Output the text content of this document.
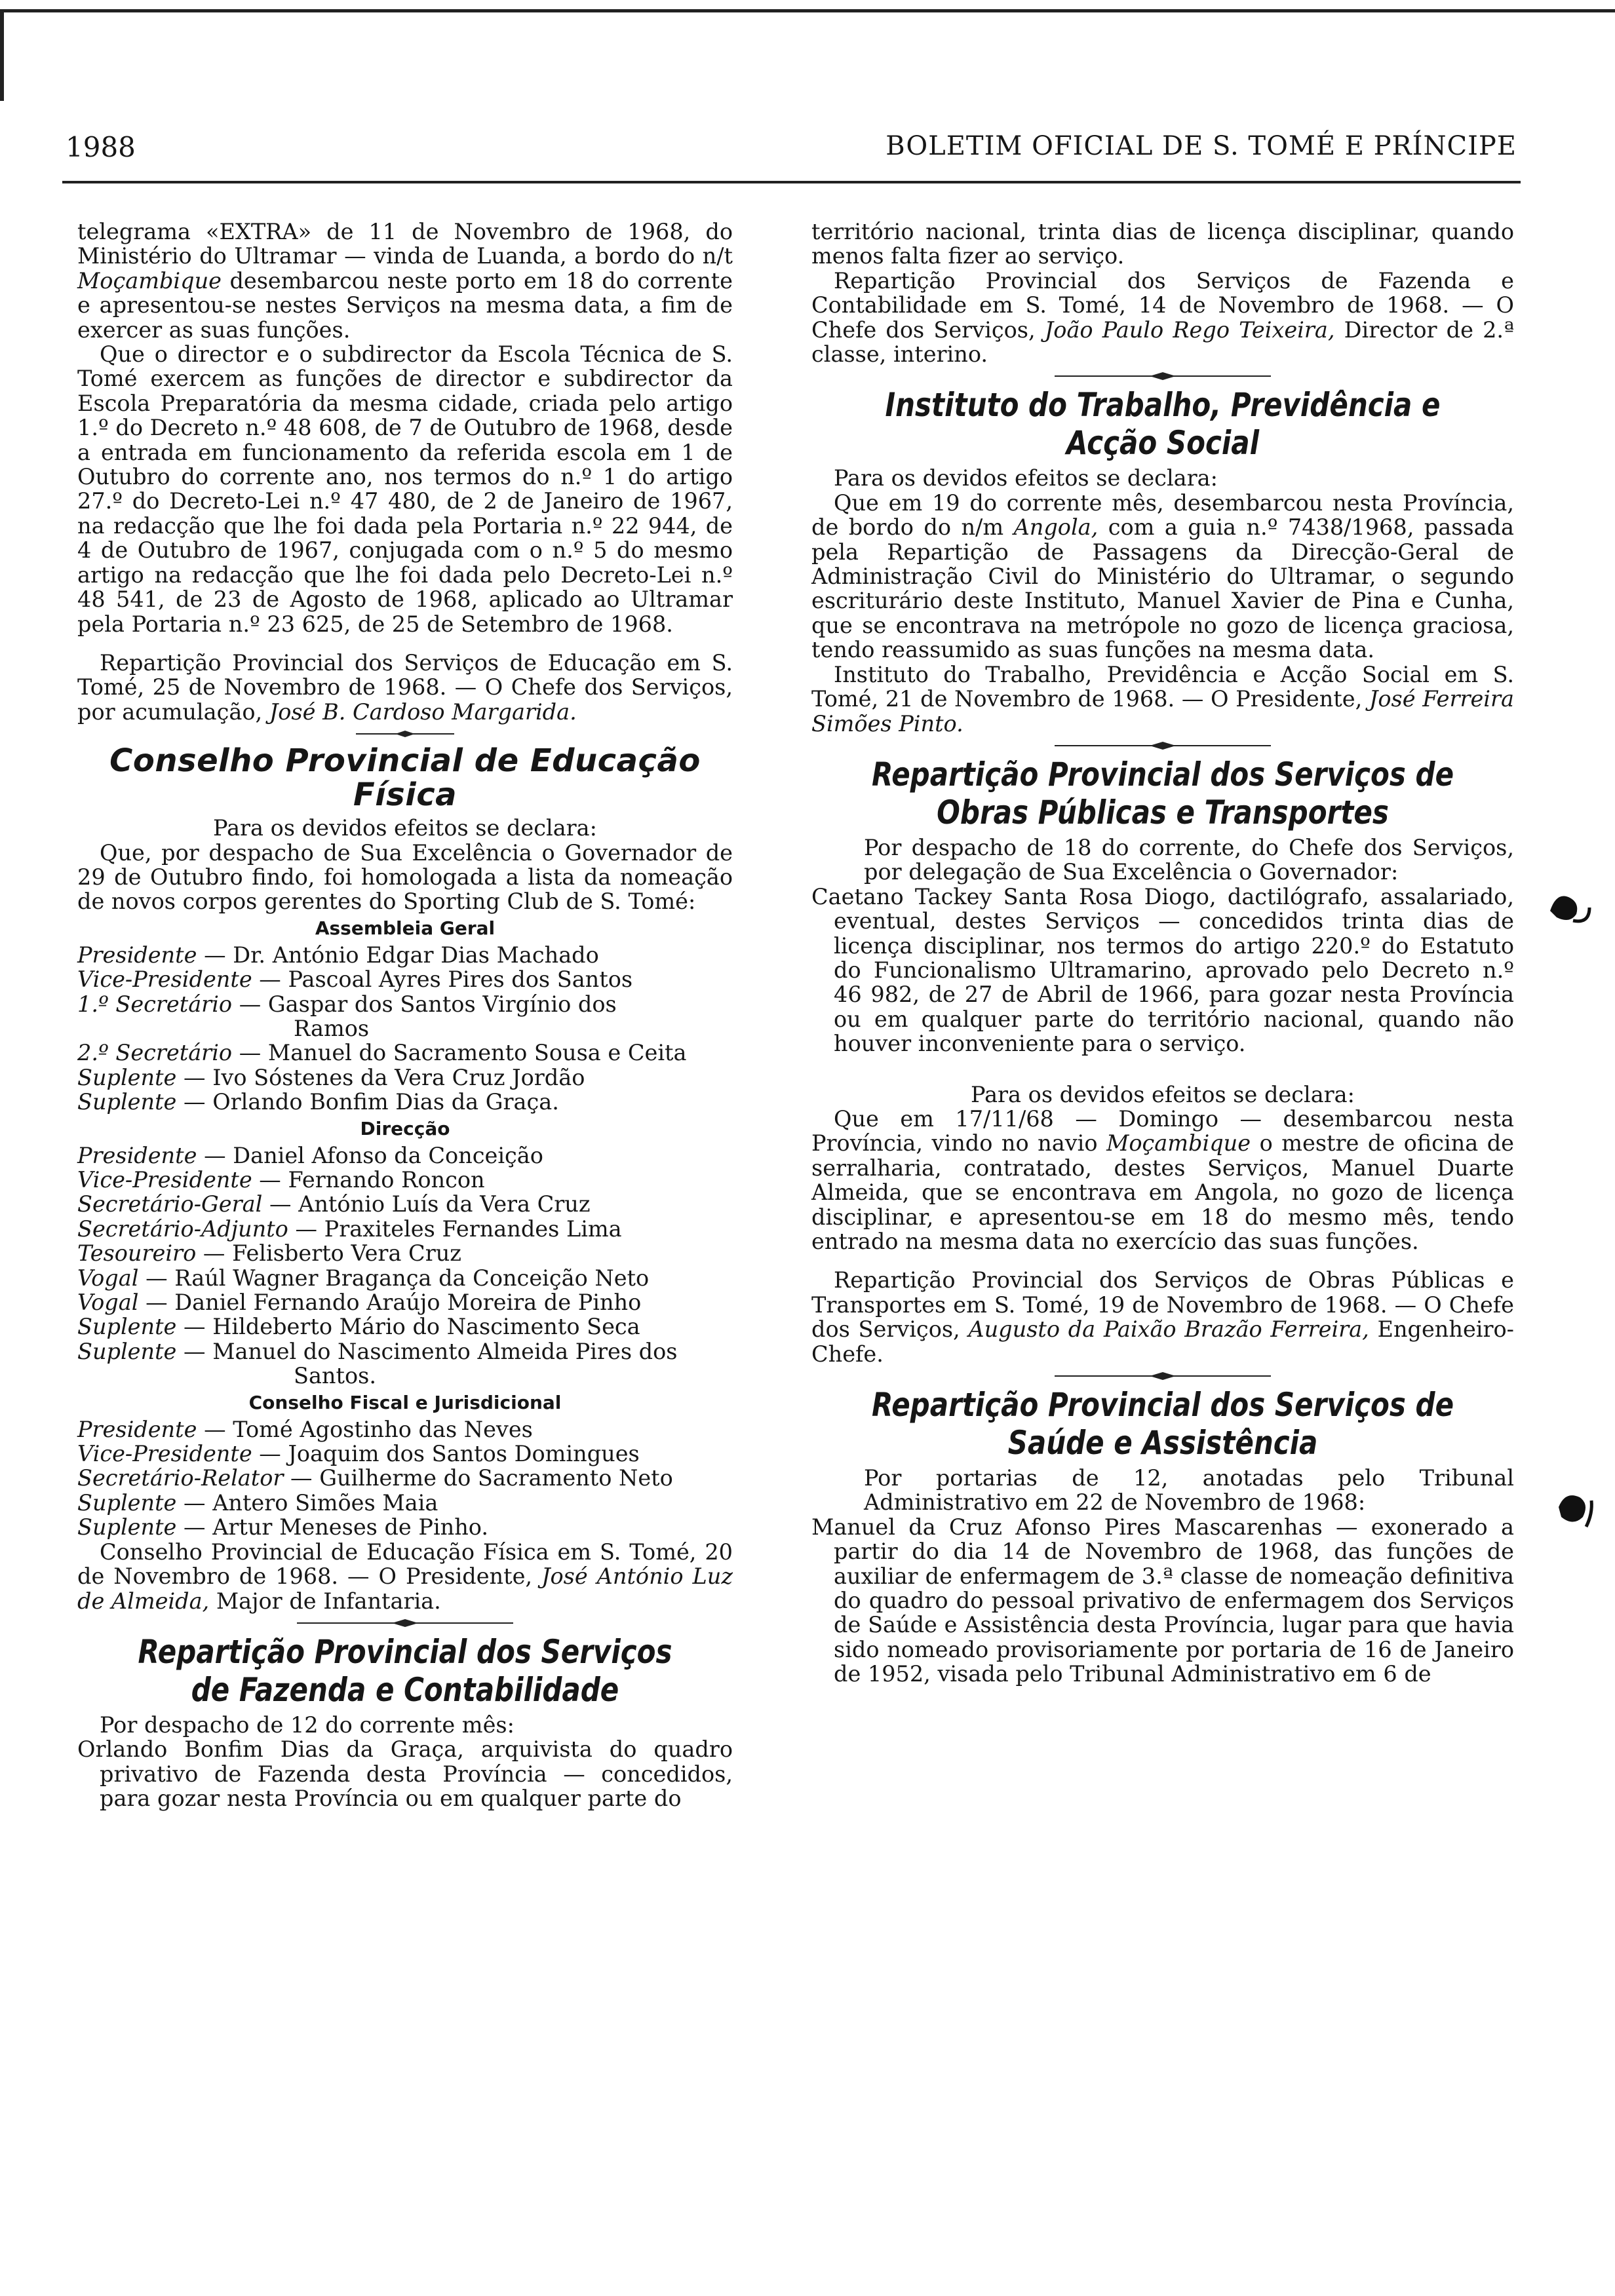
1988	BOLETIM OFICIAL DE S. TOMÉ E PRÍNCIPE

telegrama «EXTRA» de 11 de Novembro de 1968, do Ministério do Ultramar — vinda de Luanda, a bordo do n/t Moçambique desembarcou neste porto em 18 do corrente e apresentou-se nestes Serviços na mesma data, a fim de exercer as suas funções.

Que o director e o subdirector da Escola Técnica de S. Tomé exercem as funções de director e subdirector da Escola Preparatória da mesma cidade, criada pelo artigo 1.º do Decreto n.º 48 608, de 7 de Outubro de 1968, desde a entrada em funcionamento da referida escola em 1 de Outubro do corrente ano, nos termos do n.º 1 do artigo 27.º do Decreto-Lei n.º 47 480, de 2 de Janeiro de 1967, na redacção que lhe foi dada pela Portaria n.º 22 944, de 4 de Outubro de 1967, conjugada com o n.º 5 do mesmo artigo na redacção que lhe foi dada pelo Decreto-Lei n.º 48 541, de 23 de Agosto de 1968, aplicado ao Ultramar pela Portaria n.º 23 625, de 25 de Setembro de 1968.

Repartição Provincial dos Serviços de Educação em S. Tomé, 25 de Novembro de 1968. — O Chefe dos Serviços, por acumulação, José B. Cardoso Margarida.

Conselho Provincial de Educação Física

Para os devidos efeitos se declara:

Que, por despacho de Sua Excelência o Governador de 29 de Outubro findo, foi homologada a lista da nomeação de novos corpos gerentes do Sporting Club de S. Tomé:

Assembleia Geral
Presidente — Dr. António Edgar Dias Machado
Vice-Presidente — Pascoal Ayres Pires dos Santos
1.º Secretário — Gaspar dos Santos Virgínio dos
Ramos
2.º Secretário — Manuel do Sacramento Sousa e Ceita
Suplente — Ivo Sóstenes da Vera Cruz Jordão
Suplente — Orlando Bonfim Dias da Graça.
Direcção
Presidente — Daniel Afonso da Conceição
Vice-Presidente — Fernando Roncon
Secretário-Geral — António Luís da Vera Cruz
Secretário-Adjunto — Praxiteles Fernandes Lima
Tesoureiro — Felisberto Vera Cruz
Vogal — Raúl Wagner Bragança da Conceição Neto
Vogal — Daniel Fernando Araújo Moreira de Pinho
Suplente — Hildeberto Mário do Nascimento Seca
Suplente — Manuel do Nascimento Almeida Pires dos
Santos.
Conselho Fiscal e Jurisdicional
Presidente — Tomé Agostinho das Neves
Vice-Presidente — Joaquim dos Santos Domingues
Secretário-Relator — Guilherme do Sacramento Neto
Suplente — Antero Simões Maia
Suplente — Artur Meneses de Pinho.

Conselho Provincial de Educação Física em S. Tomé, 20 de Novembro de 1968. — O Presidente, José António Luz de Almeida, Major de Infantaria.

Repartição Provincial dos Serviços de Fazenda e Contabilidade

Por despacho de 12 do corrente mês:

Orlando Bonfim Dias da Graça, arquivista do quadro privativo de Fazenda desta Província — concedidos, para gozar nesta Província ou em qualquer parte do

território nacional, trinta dias de licença disciplinar, quando menos falta fizer ao serviço.

Repartição Provincial dos Serviços de Fazenda e Contabilidade em S. Tomé, 14 de Novembro de 1968. — O Chefe dos Serviços, João Paulo Rego Teixeira, Director de 2.ª classe, interino.

Instituto do Trabalho, Previdência e Acção Social

Para os devidos efeitos se declara:

Que em 19 do corrente mês, desembarcou nesta Província, de bordo do n/m Angola, com a guia n.º 7438/1968, passada pela Repartição de Passagens da Direcção-Geral de Administração Civil do Ministério do Ultramar, o segundo escriturário deste Instituto, Manuel Xavier de Pina e Cunha, que se encontrava na metrópole no gozo de licença graciosa, tendo reassumido as suas funções na mesma data.

Instituto do Trabalho, Previdência e Acção Social em S. Tomé, 21 de Novembro de 1968. — O Presidente, José Ferreira Simões Pinto.

Repartição Provincial dos Serviços de Obras Públicas e Transportes

Por despacho de 18 do corrente, do Chefe dos Serviços, por delegação de Sua Excelência o Governador:

Caetano Tackey Santa Rosa Diogo, dactilógrafo, assalariado, eventual, destes Serviços — concedidos trinta dias de licença disciplinar, nos termos do artigo 220.º do Estatuto do Funcionalismo Ultramarino, aprovado pelo Decreto n.º 46 982, de 27 de Abril de 1966, para gozar nesta Província ou em qualquer parte do território nacional, quando não houver inconveniente para o serviço.

Para os devidos efeitos se declara:

Que em 17/11/68 — Domingo — desembarcou nesta Província, vindo no navio Moçambique o mestre de oficina de serralharia, contratado, destes Serviços, Manuel Duarte Almeida, que se encontrava em Angola, no gozo de licença disciplinar, e apresentou-se em 18 do mesmo mês, tendo entrado na mesma data no exercício das suas funções.

Repartição Provincial dos Serviços de Obras Públicas e Transportes em S. Tomé, 19 de Novembro de 1968. — O Chefe dos Serviços, Augusto da Paixão Brazão Ferreira, Engenheiro-Chefe.

Repartição Provincial dos Serviços de Saúde e Assistência

Por portarias de 12, anotadas pelo Tribunal Administrativo em 22 de Novembro de 1968:

Manuel da Cruz Afonso Pires Mascarenhas — exonerado a partir do dia 14 de Novembro de 1968, das funções de auxiliar de enfermagem de 3.ª classe de nomeação definitiva do quadro do pessoal privativo de enfermagem dos Serviços de Saúde e Assistência desta Província, lugar para que havia sido nomeado provisoriamente por portaria de 16 de Janeiro de 1952, visada pelo Tribunal Administrativo em 6 de
